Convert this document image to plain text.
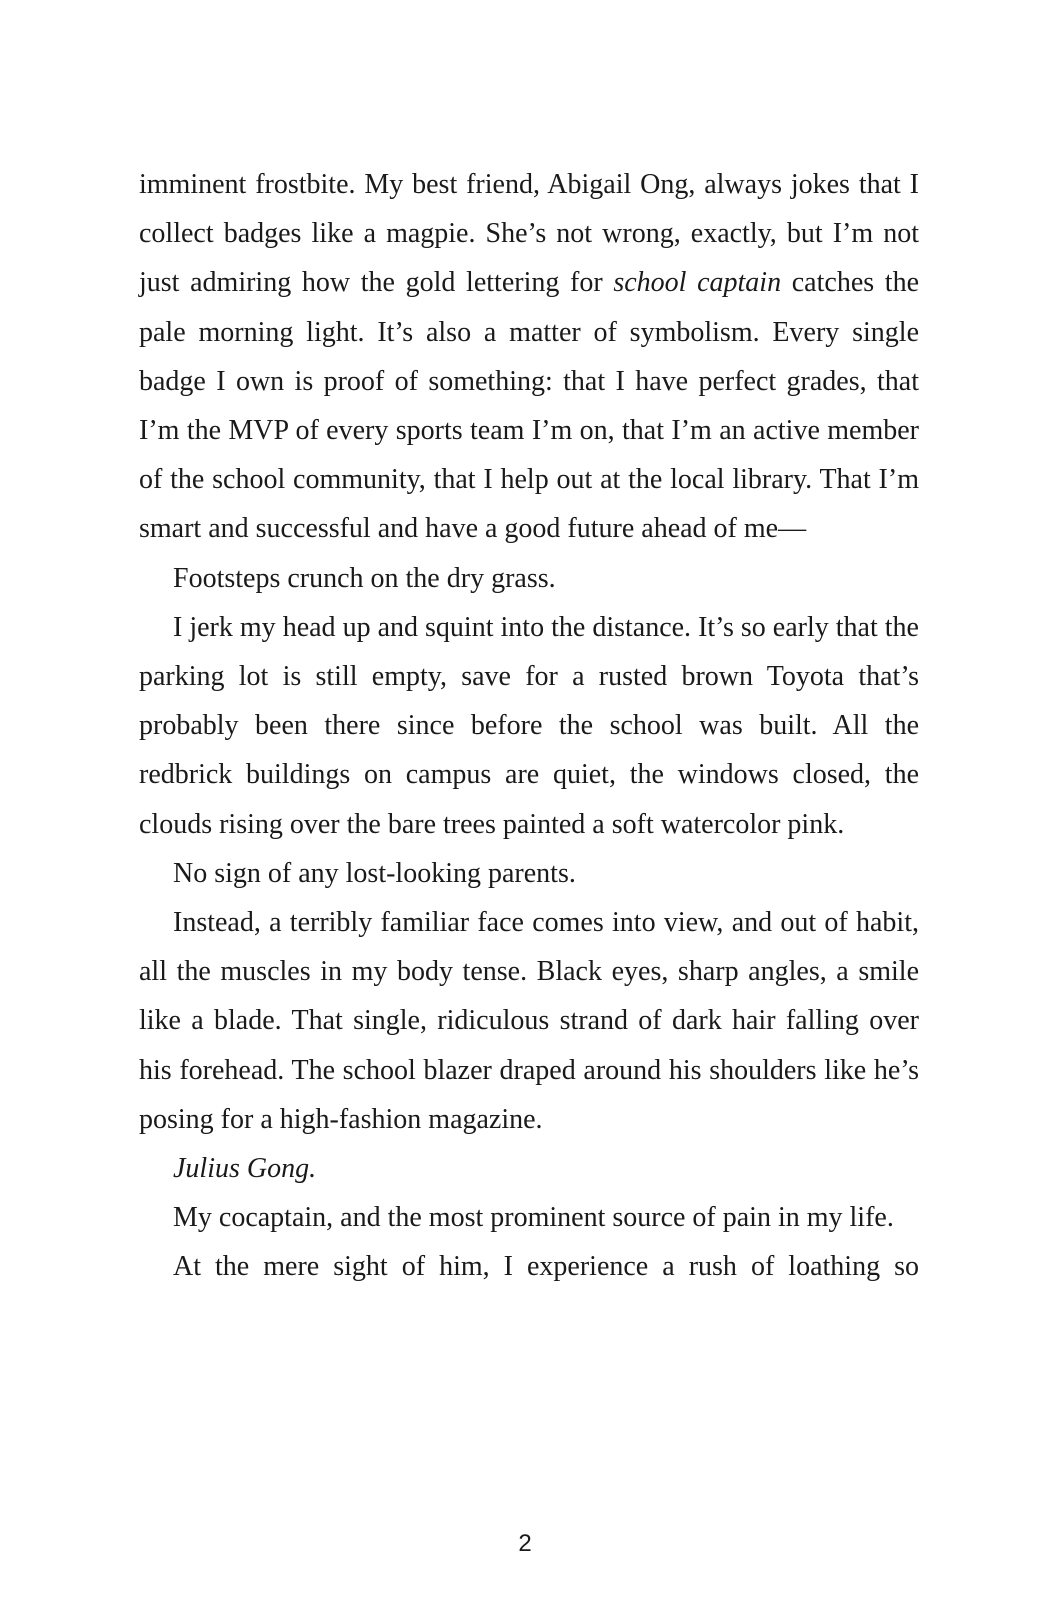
imminent frostbite. My best friend, Abigail Ong, always jokes that I collect badges like a magpie. She’s not wrong, exactly, but I’m not just admiring how the gold lettering for school captain catches the pale morning light. It’s also a matter of symbolism. Every single badge I own is proof of something: that I have perfect grades, that I’m the MVP of every sports team I’m on, that I’m an active member of the school community, that I help out at the local library. That I’m smart and successful and have a good future ahead of me—

Footsteps crunch on the dry grass.

I jerk my head up and squint into the distance. It’s so early that the parking lot is still empty, save for a rusted brown Toyota that’s probably been there since before the school was built. All the redbrick buildings on campus are quiet, the windows closed, the clouds rising over the bare trees painted a soft watercolor pink.

No sign of any lost-looking parents.

Instead, a terribly familiar face comes into view, and out of habit, all the muscles in my body tense. Black eyes, sharp angles, a smile like a blade. That single, ridiculous strand of dark hair falling over his forehead. The school blazer draped around his shoulders like he’s posing for a high-fashion magazine.

Julius Gong.

My cocaptain, and the most prominent source of pain in my life.

At the mere sight of him, I experience a rush of loathing so

2
